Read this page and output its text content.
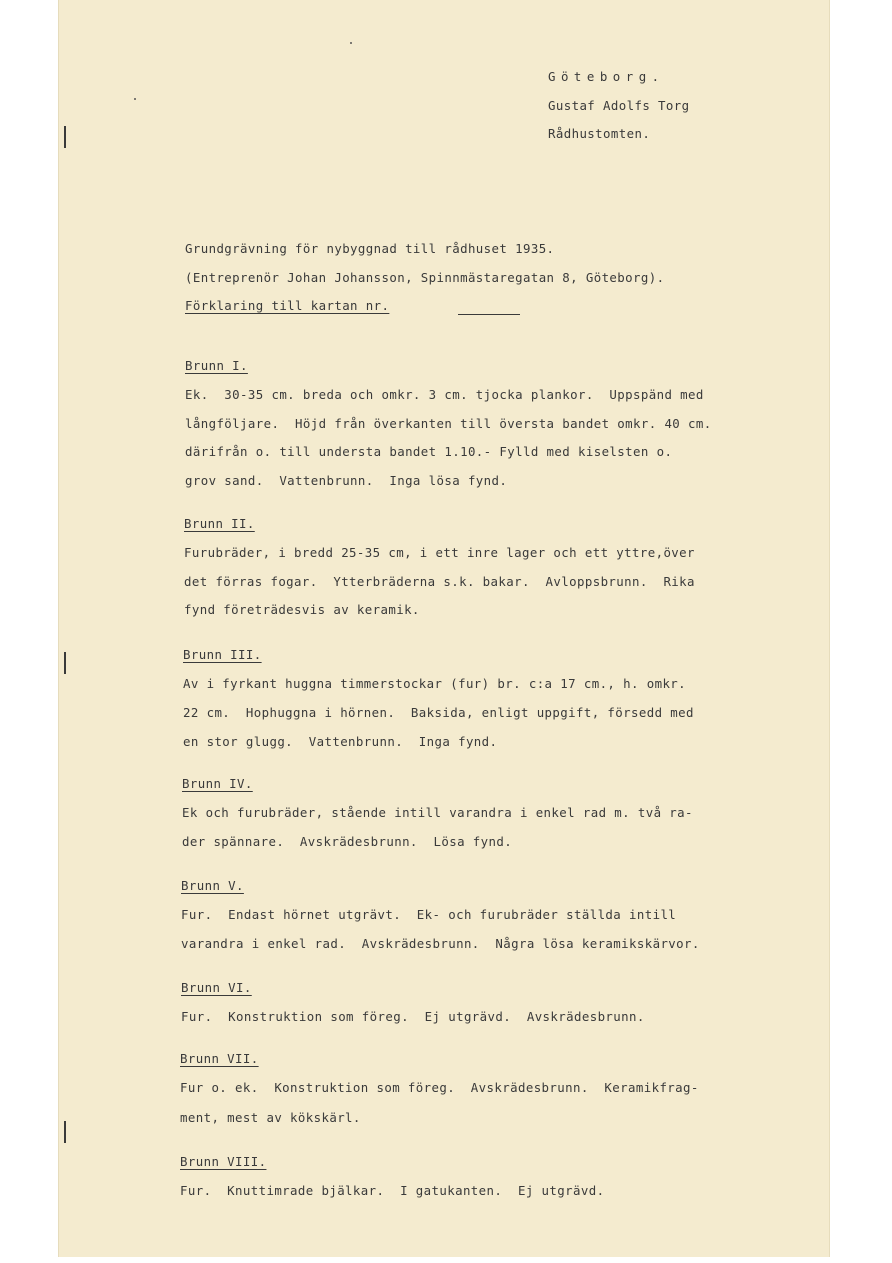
Göteborg.
Gustaf Adolfs Torg
Rådhustomten.
Grundgrävning för nybyggnad till rådhuset 1935.
(Entreprenör Johan Johansson, Spinnmästaregatan 8, Göteborg).
Förklaring till kartan nr.
Brunn I.
Ek.  30-35 cm. breda och omkr. 3 cm. tjocka plankor.  Uppspänd med
långföljare.  Höjd från överkanten till översta bandet omkr. 40 cm.
därifrån o. till understa bandet 1.10.- Fylld med kiselsten o.
grov sand.  Vattenbrunn.  Inga lösa fynd.
Brunn II.
Furubräder, i bredd 25-35 cm, i ett inre lager och ett yttre,över
det förras fogar.  Ytterbräderna s.k. bakar.  Avloppsbrunn.  Rika
fynd företrädesvis av keramik.
Brunn III.
Av i fyrkant huggna timmerstockar (fur) br. c:a 17 cm., h. omkr.
22 cm.  Hophuggna i hörnen.  Baksida, enligt uppgift, försedd med
en stor glugg.  Vattenbrunn.  Inga fynd.
Brunn IV.
Ek och furubräder, stående intill varandra i enkel rad m. två ra-
der spännare.  Avskrädesbrunn.  Lösa fynd.
Brunn V.
Fur.  Endast hörnet utgrävt.  Ek- och furubräder ställda intill
varandra i enkel rad.  Avskrädesbrunn.  Några lösa keramikskärvor.
Brunn VI.
Fur.  Konstruktion som föreg.  Ej utgrävd.  Avskrädesbrunn.
Brunn VII.
Fur o. ek.  Konstruktion som föreg.  Avskrädesbrunn.  Keramikfrag-
ment, mest av kökskärl.
Brunn VIII.
Fur.  Knuttimrade bjälkar.  I gatukanten.  Ej utgrävd.
